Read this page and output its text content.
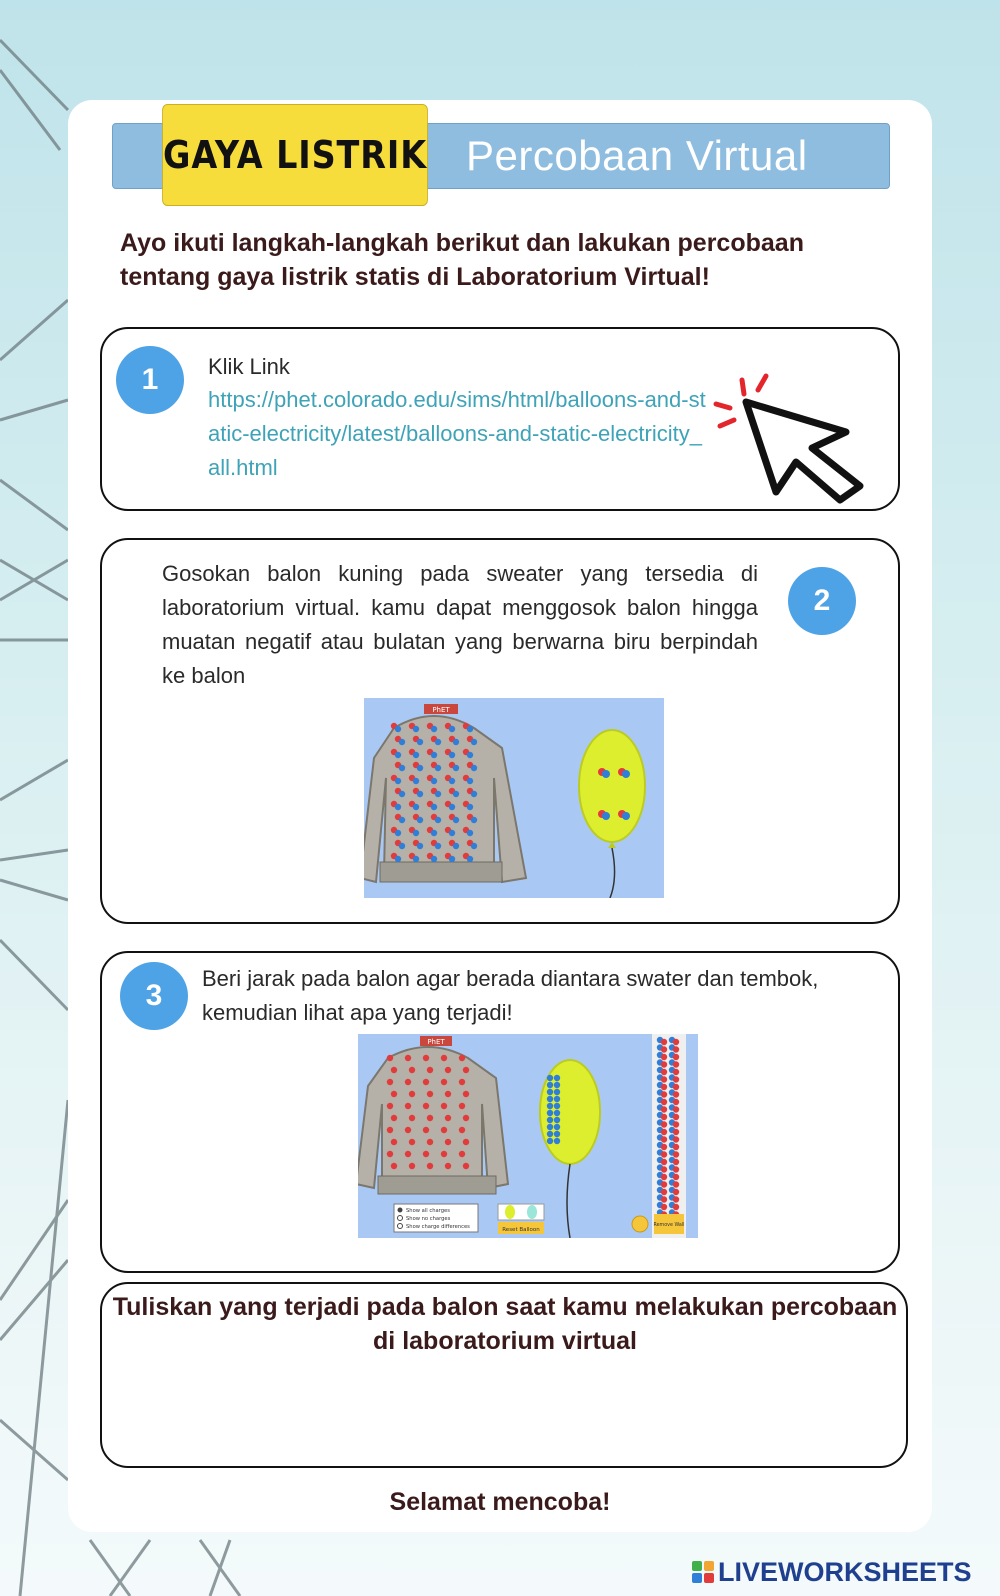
GAYA LISTRIK Percobaan Virtual
Ayo ikuti langkah-langkah berikut dan lakukan percobaan tentang gaya listrik statis di Laboratorium Virtual!
1	Klik Link
https://phet.colorado.edu/sims/html/balloons-and-static-electricity/latest/balloons-and-static-electricity_all.html
2
Gosokan balon kuning pada sweater yang tersedia di laboratorium virtual. kamu dapat menggosok balon hingga muatan negatif atau bulatan yang berwarna biru berpindah ke balon
PhET
3
Beri jarak pada balon agar berada diantara swater dan tembok, kemudian lihat apa yang terjadi!
PhET
Show all charges
Show no charges
Show charge differences	Reset Balloon
Remove Wall
Tuliskan yang terjadi pada balon saat kamu melakukan percobaan di laboratorium virtual
Selamat mencoba!
LIVEWORKSHEETS
